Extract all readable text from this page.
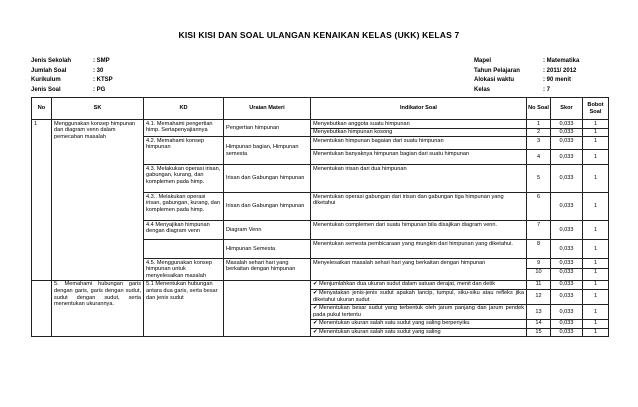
KISI KISI DAN SOAL ULANGAN KENAIKAN KELAS (UKK) KELAS 7
Jenis Sekolah	: SMP
Jumlah Soal	: 30
Kurikulum	: KTSP
Jenis Soal	: PG
Mapel	: Matematika
Tahun Pelajaran	: 2011/ 2012
Alokasi waktu	: 90 menit
Kelas	: 7
No	SK	KD	Uraian Materi	Indikator Soal	No Soal	Skor	Bobot Soal
1	Menggunakan konsep himpunan dan diagram venn dalam pemecahan masalah	4.1. Memahami pengertian himp. Sertapenyajiannya	Pengertian himpunan	Menyebutkan anggota suatu himpunan	1	0,033	1
				Menyebutkan himpunan kosong	2	0,033	1
		4.2. Memahami konsep himpunan	Himpunan bagian, Himpunan semesta	Menentukan himpunan bagaian dari suatu himpunan	3	0,033	1
				Menentukan banyaknya himpunan bagian dari suatu himpunan	4	0,033	1
		4.3. Melakukan operasi irisan, gabungan, kurang, dan komplemen pada himp.	Irisan dan Gabungan himpunan	Menentukan irisan dari dua himpunan	5	0,033	1
		4.3.. Melakukan operasi irisan, gabungan, kurang, dan komplemen pada himp.	Irisan dan Gabungan himpunan	Menentukan operasi gabungan dari irisan dan gabungan tiga himpunan yang diketahui	6	0,033	1
		4.4 Menyajikan himpunan dengan diagram venn	Diagram Venn	Menentukan complemen dari suatu himpunan bila disajikan diagram venn.	7	0,033	1
			Himpunan Semesta	Menentukan semesta pembicaraan yang mungkin dari himpunan yang diketahui.	8	0,033	1
		4.5. Menggunakan konsep himpunan untuk menyelesaikan masalah	Masalah sehari hari yang berkaitan dengan himpunan	Menyelesaikan masalah sehari hari yang berkaitan dengan himpunan	9	0,033	1
					10	0,033	1
	5. Memahami hubungan garis dengan garis, garis dengan sudut, sudut dengan sudut, serta menentukan ukurannya.	5.1 Menentukan hubungan antara dua garis, serta besar dan jenis sudut		✔Menjumlahkan dua ukuran sudut dalam satuan derajat, menit dan detik	11	0,033	1
				✔Menyatakan jenis-jenis sudut apakah lancip, tumpul, siku-siku atau refleks jika diketahui ukuran sudut	12	0,033	1
				✔Menentukan besar sudut yang terbentuk oleh jarum panjang dan jarum pendek pada pukul tertentu	13	0,033	1
				✔Menentukan ukuran salah satu sudut yang saling berpenyiku	14	0,033	1
				✔Menentukan ukuran salah satu sudut yang saling	15	0,033	1
